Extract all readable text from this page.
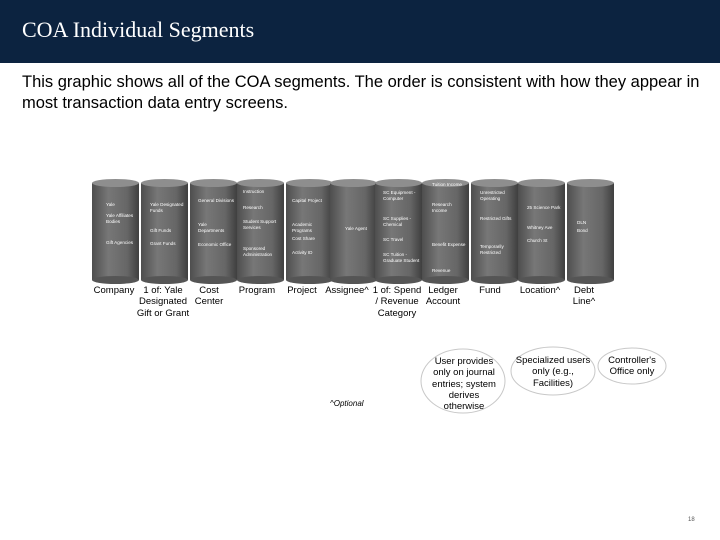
COA Individual Segments
This graphic shows all of the COA segments. The order is consistent with how they appear in most transaction data entry screens.
Yale
Yale Affiliates Bodies
Gift Agencies
Yale Designated Funds
Gift Funds
Grant Funds
General Divisions
Yale Departments
Economic Office
Instruction
Research
Student Support Services
Sponsored Administration
Capital Project
Academic Programs
Cost Share
Activity ID
Yale Agent
SC Equipment - Computer
SC Supplies - Chemical
SC Travel
SC Tuition - Graduate Student
Tuition Income
Research Income
Benefit Expense
Revenue
Unrestricted Operating
Restricted Gifts
Temporarily Restricted
25 Science Park
Whitney Ave
Church St
DLN
Bond
Company 1 of: Yale Designated Gift or Grant
Cost Center
Program	Project Assignee^ 1 of: Spend / Revenue Category
Ledger Account
Fund	Location^	Debt Line^
User provides only on journal entries; system derives otherwise
Specialized users only (e.g., Facilities)
Controller's Office only
^Optional
18
